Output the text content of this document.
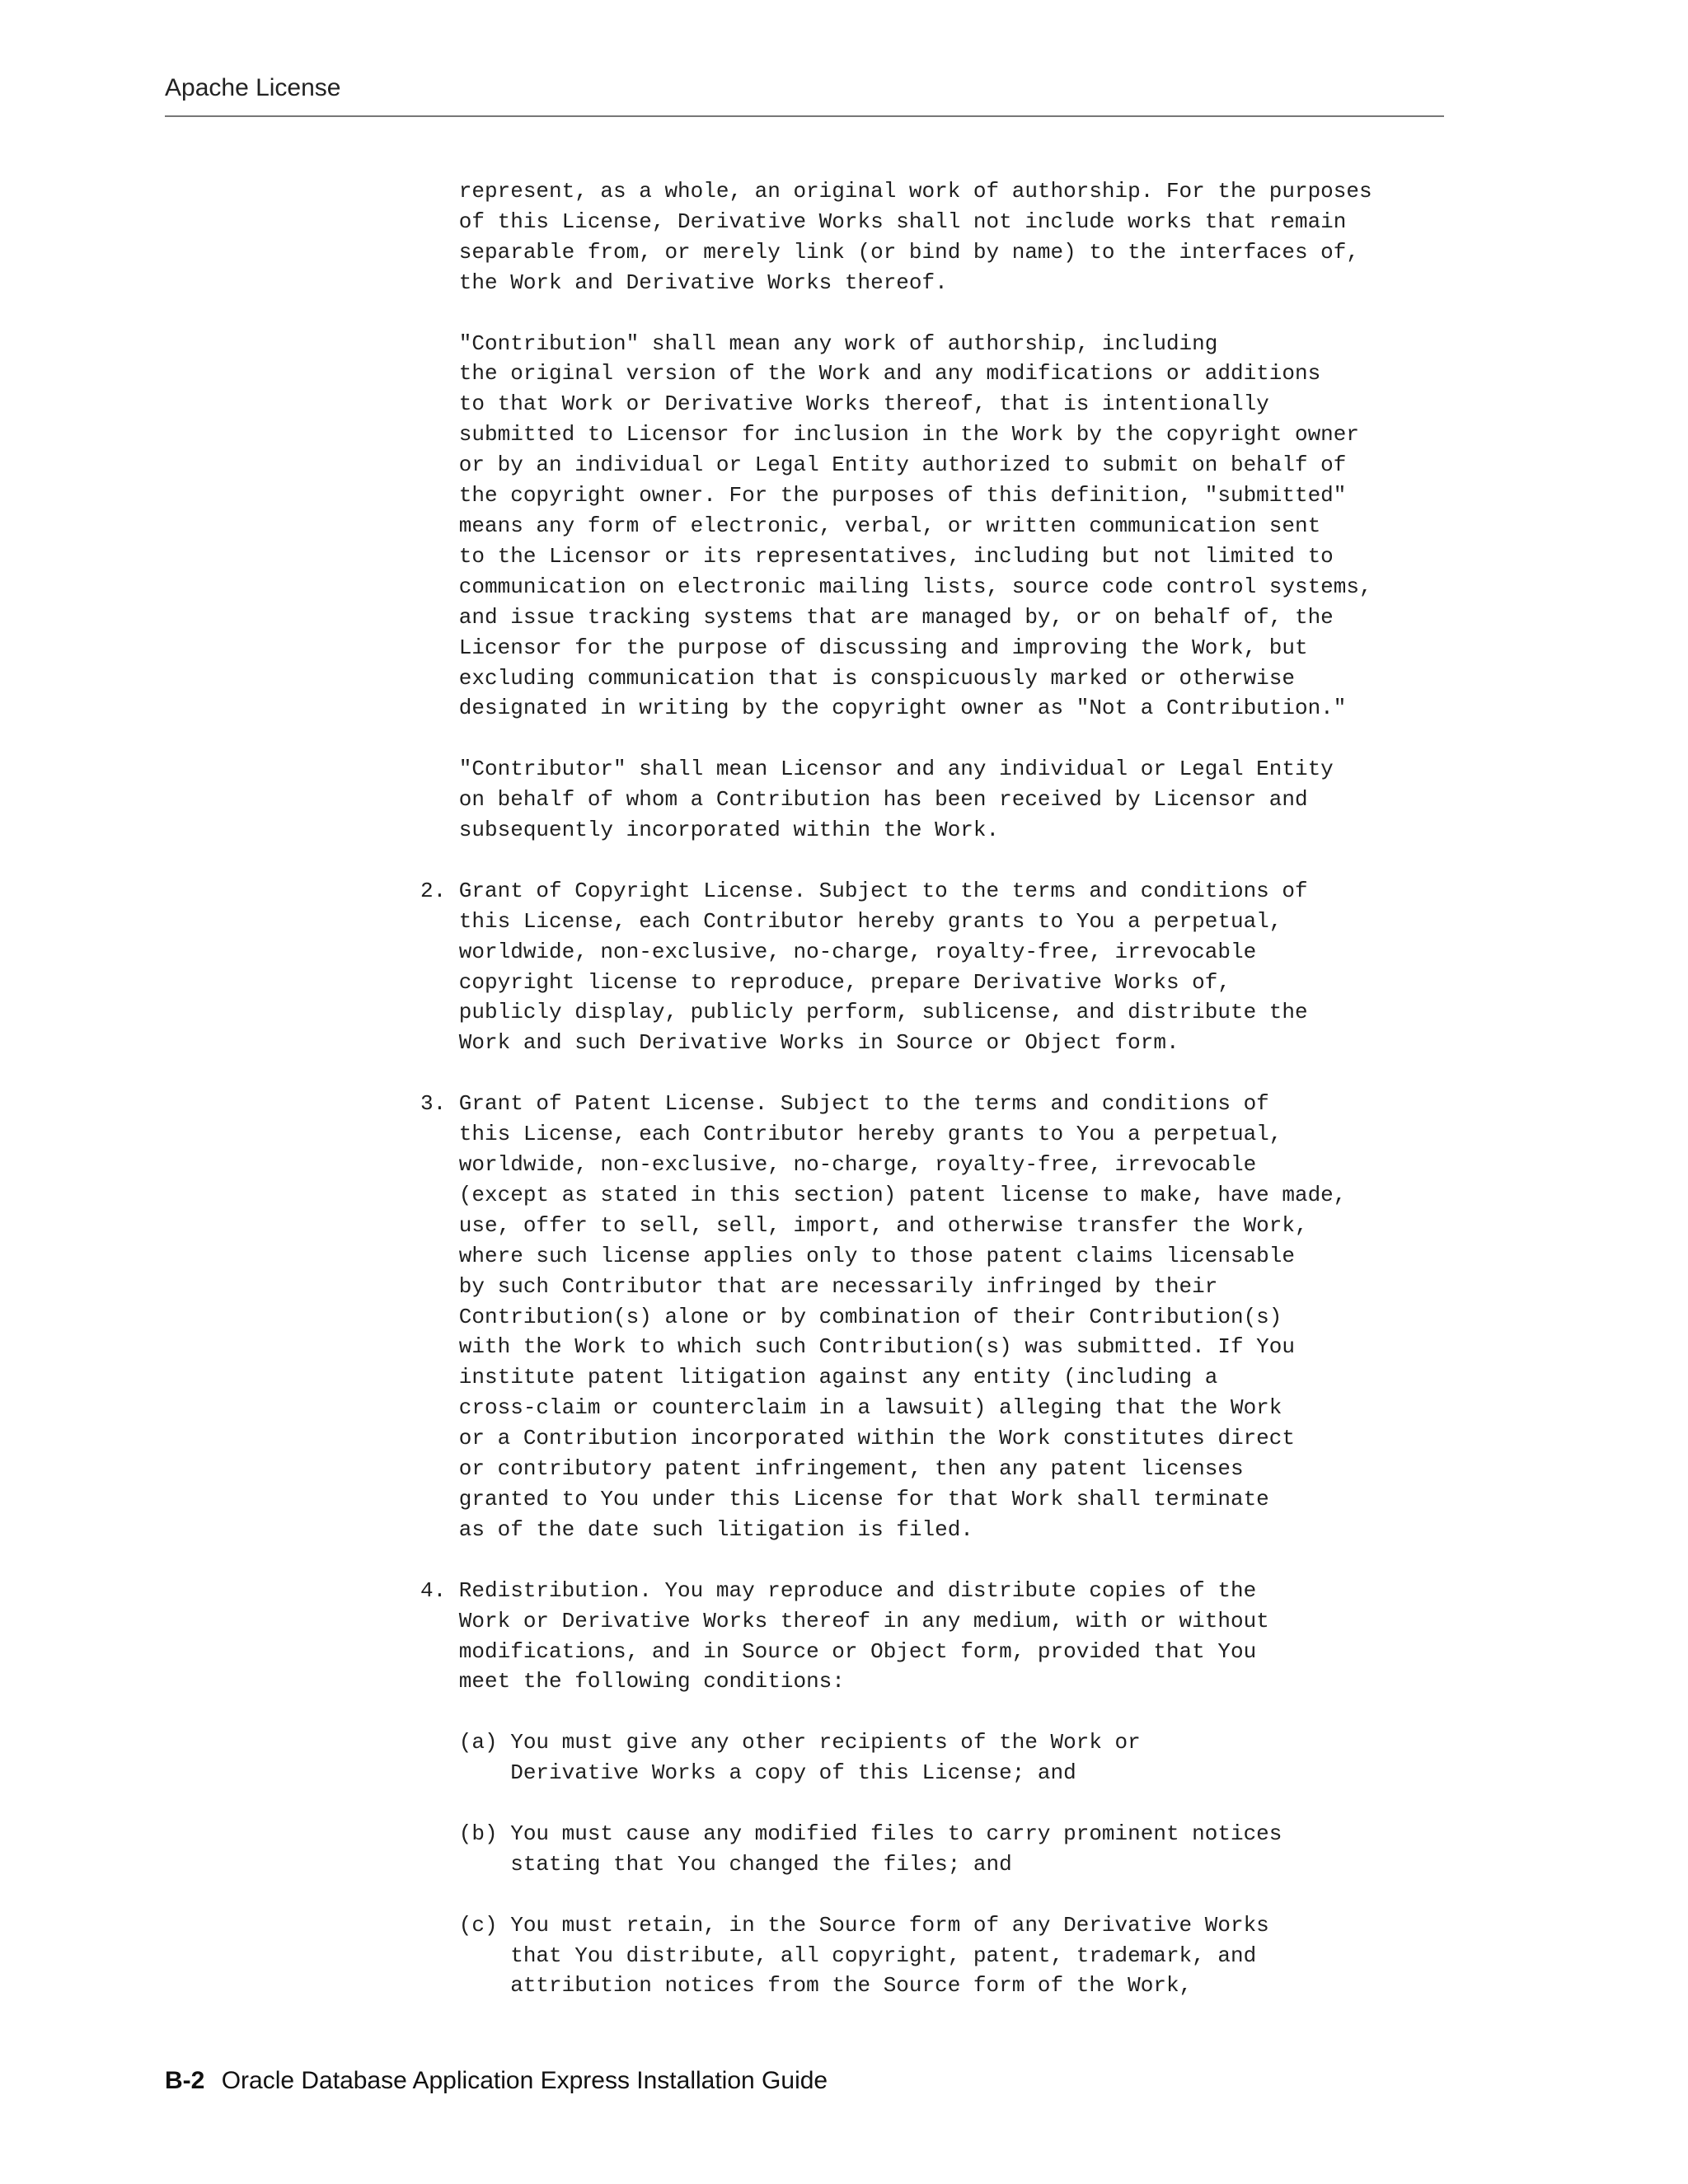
Apache License
represent, as a whole, an original work of authorship. For the purposes
of this License, Derivative Works shall not include works that remain
separable from, or merely link (or bind by name) to the interfaces of,
the Work and Derivative Works thereof.

"Contribution" shall mean any work of authorship, including
the original version of the Work and any modifications or additions
to that Work or Derivative Works thereof, that is intentionally
submitted to Licensor for inclusion in the Work by the copyright owner
or by an individual or Legal Entity authorized to submit on behalf of
the copyright owner. For the purposes of this definition, "submitted"
means any form of electronic, verbal, or written communication sent
to the Licensor or its representatives, including but not limited to
communication on electronic mailing lists, source code control systems,
and issue tracking systems that are managed by, or on behalf of, the
Licensor for the purpose of discussing and improving the Work, but
excluding communication that is conspicuously marked or otherwise
designated in writing by the copyright owner as "Not a Contribution."

"Contributor" shall mean Licensor and any individual or Legal Entity
on behalf of whom a Contribution has been received by Licensor and
subsequently incorporated within the Work.

2. Grant of Copyright License. Subject to the terms and conditions of
this License, each Contributor hereby grants to You a perpetual,
worldwide, non-exclusive, no-charge, royalty-free, irrevocable
copyright license to reproduce, prepare Derivative Works of,
publicly display, publicly perform, sublicense, and distribute the
Work and such Derivative Works in Source or Object form.

3. Grant of Patent License. Subject to the terms and conditions of
this License, each Contributor hereby grants to You a perpetual,
worldwide, non-exclusive, no-charge, royalty-free, irrevocable
(except as stated in this section) patent license to make, have made,
use, offer to sell, sell, import, and otherwise transfer the Work,
where such license applies only to those patent claims licensable
by such Contributor that are necessarily infringed by their
Contribution(s) alone or by combination of their Contribution(s)
with the Work to which such Contribution(s) was submitted. If You
institute patent litigation against any entity (including a
cross-claim or counterclaim in a lawsuit) alleging that the Work
or a Contribution incorporated within the Work constitutes direct
or contributory patent infringement, then any patent licenses
granted to You under this License for that Work shall terminate
as of the date such litigation is filed.

4. Redistribution. You may reproduce and distribute copies of the
Work or Derivative Works thereof in any medium, with or without
modifications, and in Source or Object form, provided that You
meet the following conditions:

(a) You must give any other recipients of the Work or
Derivative Works a copy of this License; and

(b) You must cause any modified files to carry prominent notices
stating that You changed the files; and

(c) You must retain, in the Source form of any Derivative Works
that You distribute, all copyright, patent, trademark, and
attribution notices from the Source form of the Work,
B-2 Oracle Database Application Express Installation Guide
